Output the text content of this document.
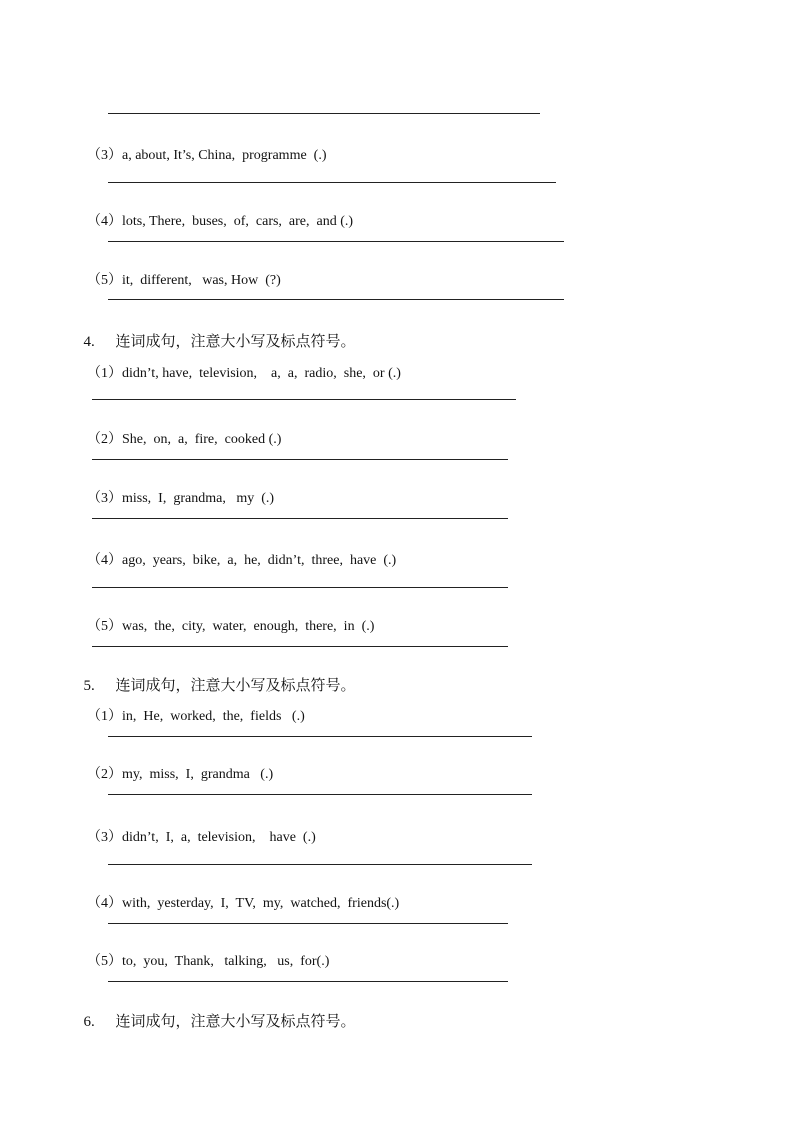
（3）a, about, It’s, China,  programme  (.)

（4）lots, There,  buses,  of,  cars,  are,  and (.)

（5）it,  different,   was, How  (?)

4. 连词成句，注意大小写及标点符号。

（1）didn’t, have,  television,    a,  a,  radio,  she,  or (.)

（2）She,  on,  a,  fire,  cooked (.)

（3）miss,  I,  grandma,   my  (.)

（4）ago,  years,  bike,  a,  he,  didn’t,  three,  have  (.)

（5）was,  the,  city,  water,  enough,  there,  in  (.)

5. 连词成句，注意大小写及标点符号。

（1）in,  He,  worked,  the,  fields   (.)

（2）my,  miss,  I,  grandma   (.)

（3）didn’t,  I,  a,  television,    have  (.)

（4）with,  yesterday,  I,  TV,  my,  watched,  friends(.)

（5）to,  you,  Thank,   talking,   us,  for(.)

6. 连词成句，注意大小写及标点符号。
